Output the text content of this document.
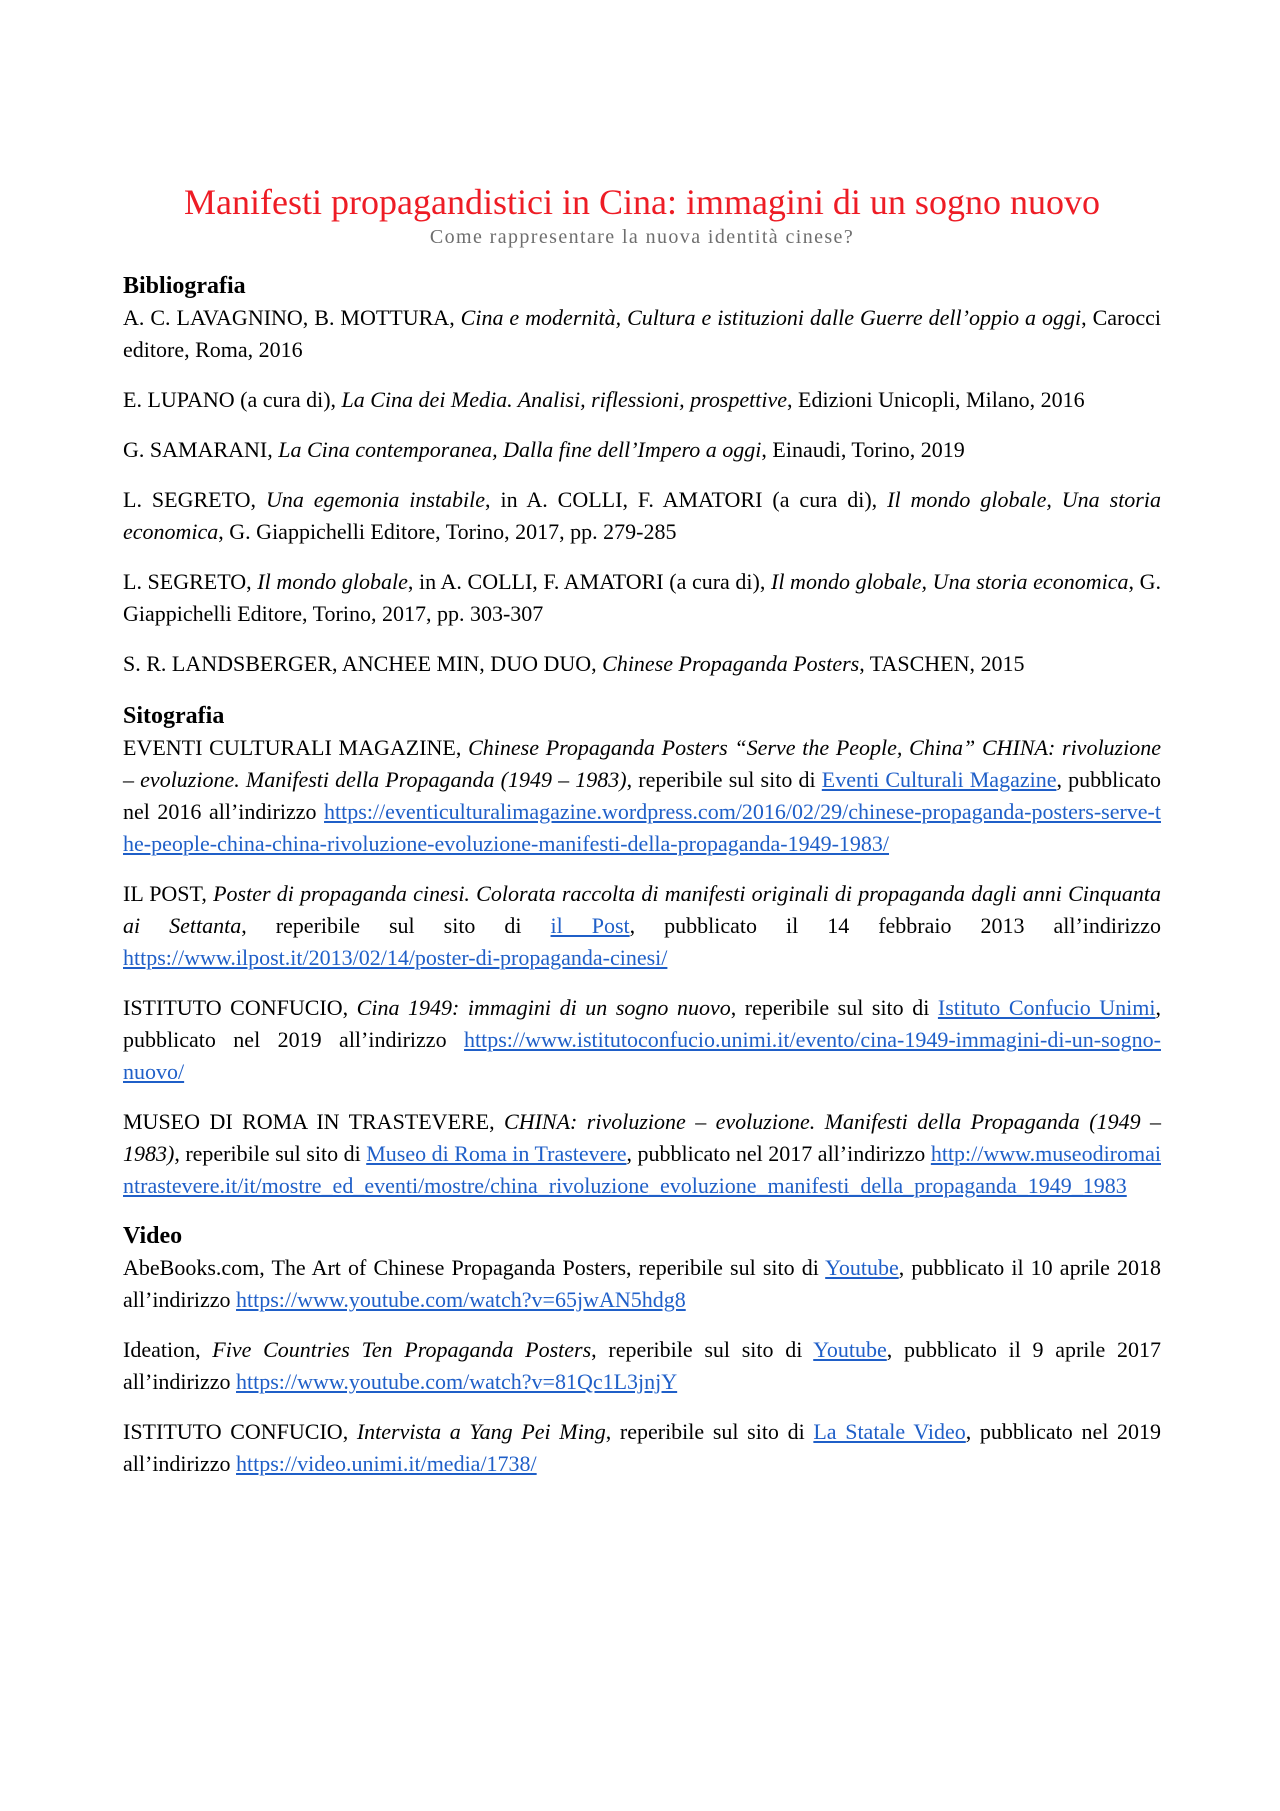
Manifesti propagandistici in Cina: immagini di un sogno nuovo

Come rappresentare la nuova identità cinese?

Bibliografia

A. C. LAVAGNINO, B. MOTTURA, Cina e modernità, Cultura e istituzioni dalle Guerre dell’oppio a oggi, Carocci editore, Roma, 2016

E. LUPANO (a cura di), La Cina dei Media. Analisi, riflessioni, prospettive, Edizioni Unicopli, Milano, 2016

G. SAMARANI, La Cina contemporanea, Dalla fine dell’Impero a oggi, Einaudi, Torino, 2019

L. SEGRETO, Una egemonia instabile, in A. COLLI, F. AMATORI (a cura di), Il mondo globale, Una storia economica, G. Giappichelli Editore, Torino, 2017, pp. 279-285

L. SEGRETO, Il mondo globale, in A. COLLI, F. AMATORI (a cura di), Il mondo globale, Una storia economica, G. Giappichelli Editore, Torino, 2017, pp. 303-307

S. R. LANDSBERGER, ANCHEE MIN, DUO DUO, Chinese Propaganda Posters, TASCHEN, 2015

Sitografia

EVENTI CULTURALI MAGAZINE, Chinese Propaganda Posters “Serve the People, China” CHINA: rivoluzione – evoluzione. Manifesti della Propaganda (1949 – 1983), reperibile sul sito di Eventi Culturali Magazine, pubblicato nel 2016 all’indirizzo https://eventiculturalimagazine.wordpress.com/2016/02/29/chinese-propaganda-posters-serve-the-people-china-china-rivoluzione-evoluzione-manifesti-della-propaganda-1949-1983/

IL POST, Poster di propaganda cinesi. Colorata raccolta di manifesti originali di propaganda dagli anni Cinquanta ai Settanta, reperibile sul sito di il Post, pubblicato il 14 febbraio 2013 all’indirizzo https://www.ilpost.it/2013/02/14/poster-di-propaganda-cinesi/

ISTITUTO CONFUCIO, Cina 1949: immagini di un sogno nuovo, reperibile sul sito di Istituto Confucio Unimi, pubblicato nel 2019 all’indirizzo https://www.istitutoconfucio.unimi.it/evento/cina-1949-immagini-di-un-sogno-nuovo/

MUSEO DI ROMA IN TRASTEVERE, CHINA: rivoluzione – evoluzione. Manifesti della Propaganda (1949 – 1983), reperibile sul sito di Museo di Roma in Trastevere, pubblicato nel 2017 all’indirizzo http://www.museodiromaintrastevere.it/it/mostre_ed_eventi/mostre/china_rivoluzione_evoluzione_manifesti_della_propaganda_1949_1983

Video

AbeBooks.com, The Art of Chinese Propaganda Posters, reperibile sul sito di Youtube, pubblicato il 10 aprile 2018 all’indirizzo https://www.youtube.com/watch?v=65jwAN5hdg8

Ideation, Five Countries Ten Propaganda Posters, reperibile sul sito di Youtube, pubblicato il 9 aprile 2017 all’indirizzo https://www.youtube.com/watch?v=81Qc1L3jnjY

ISTITUTO CONFUCIO, Intervista a Yang Pei Ming, reperibile sul sito di La Statale Video, pubblicato nel 2019 all’indirizzo https://video.unimi.it/media/1738/
